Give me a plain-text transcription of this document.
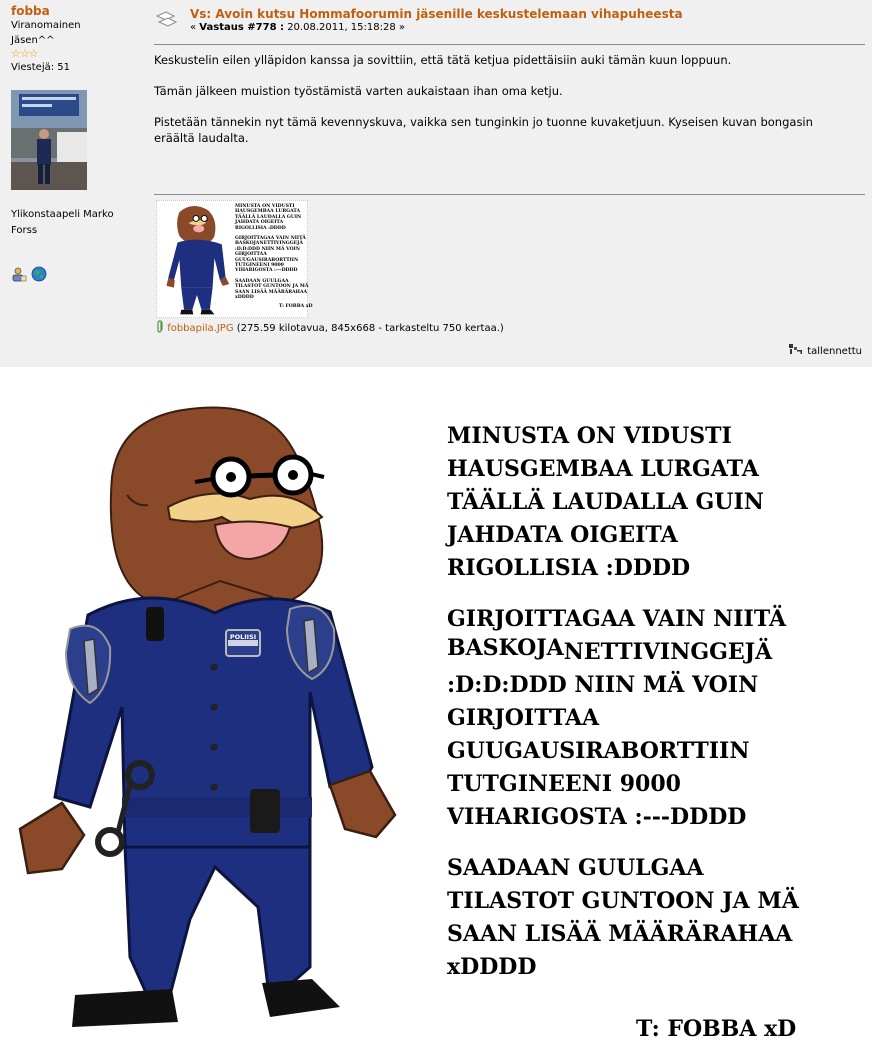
fobba
Viranomainen
Jäsen^^
☆☆☆
Viestejä: 51
Ylikonstaapeli Marko Forss

Vs: Avoin kutsu Hommafoorumin jäsenille keskustelemaan vihapuheesta
« Vastaus #778 : 20.08.2011, 15:18:28 »

Keskustelin eilen ylläpidon kanssa ja sovittiin, että tätä ketjua pidettäisiin auki tämän kuun loppuun.

Tämän jälkeen muistion työstämistä varten aukaistaan ihan oma ketju.

Pistetään tännekin nyt tämä kevennyskuva, vaikka sen tunginkin jo tuonne kuvaketjuun. Kyseisen kuvan bongasin eräältä laudalta.

MINUSTA ON VIDUSTI
HAUSGEMBAA LURGATA
TÄÄLLÄ LAUDALLA GUIN
JAHDATA OIGEITA
RIGOLLISIA :DDDD
GIRJOITTAGAA VAIN NIITÄ
BASKOJANETTIVINGGEJÄ
:D:D:DDD NIIN MÄ VOIN
GIRJOITTAA
GUUGAUSIRABORTTIIN
TUTGINEENI 9000
VIHARIGOSTA :---DDDD
SAADAAN GUULGAA
TILASTOT GUNTOON JA MÄ
SAAN LISÄÄ MÄÄRÄRAHAA
xDDDD
T: FOBBA xD
fobbapila.JPG (275.59 kilotavua, 845x668 - tarkasteltu 750 kertaa.)
tallennettu
POLIISI
MINUSTA ON VIDUSTI
HAUSGEMBAA LURGATA
TÄÄLLÄ LAUDALLA GUIN
JAHDATA OIGEITA
RIGOLLISIA :DDDD
GIRJOITTAGAA VAIN NIITÄ
BASKOJANETTIVINGGEJÄ
:D:D:DDD NIIN MÄ VOIN
GIRJOITTAA
GUUGAUSIRABORTTIIN
TUTGINEENI 9000
VIHARIGOSTA :---DDDD
SAADAAN GUULGAA
TILASTOT GUNTOON JA MÄ
SAAN LISÄÄ MÄÄRÄRAHAA
xDDDD
T: FOBBA xD
